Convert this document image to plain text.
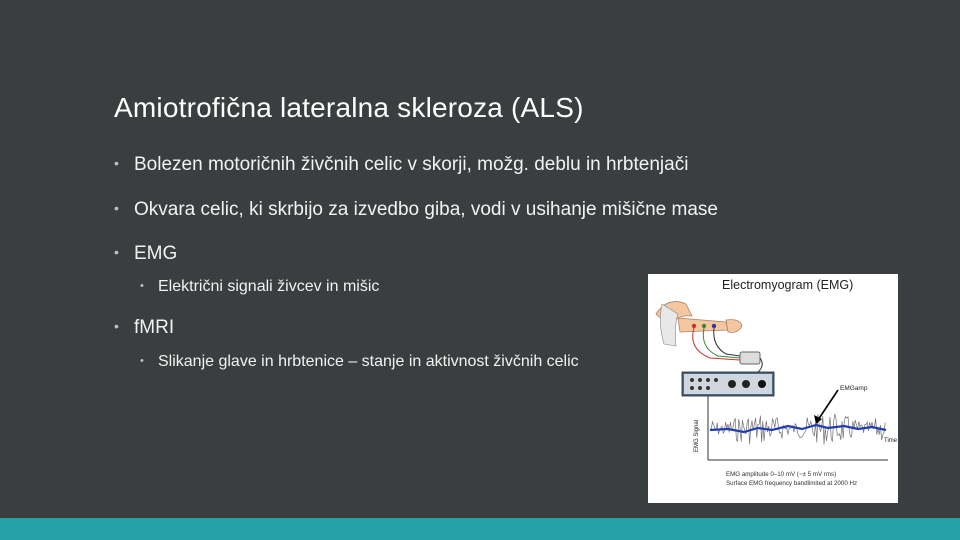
Amiotrofična lateralna skleroza (ALS)
• Bolezen motoričnih živčnih celic v skorji, možg. deblu in hrbtenjači
• Okvara celic, ki skrbijo za izvedbo giba, vodi v usihanje mišične mase
• EMG
• Električni signali živcev in mišic
• fMRI
• Slikanje glave in hrbtenice – stanje in aktivnost živčnih celic
Electromyogram (EMG)
EMG Signal	Time
EMGamp
EMG amplitude 0–10 mV (~± 5 mV rms)
Surface EMG frequency bandlimited at 2000 Hz
